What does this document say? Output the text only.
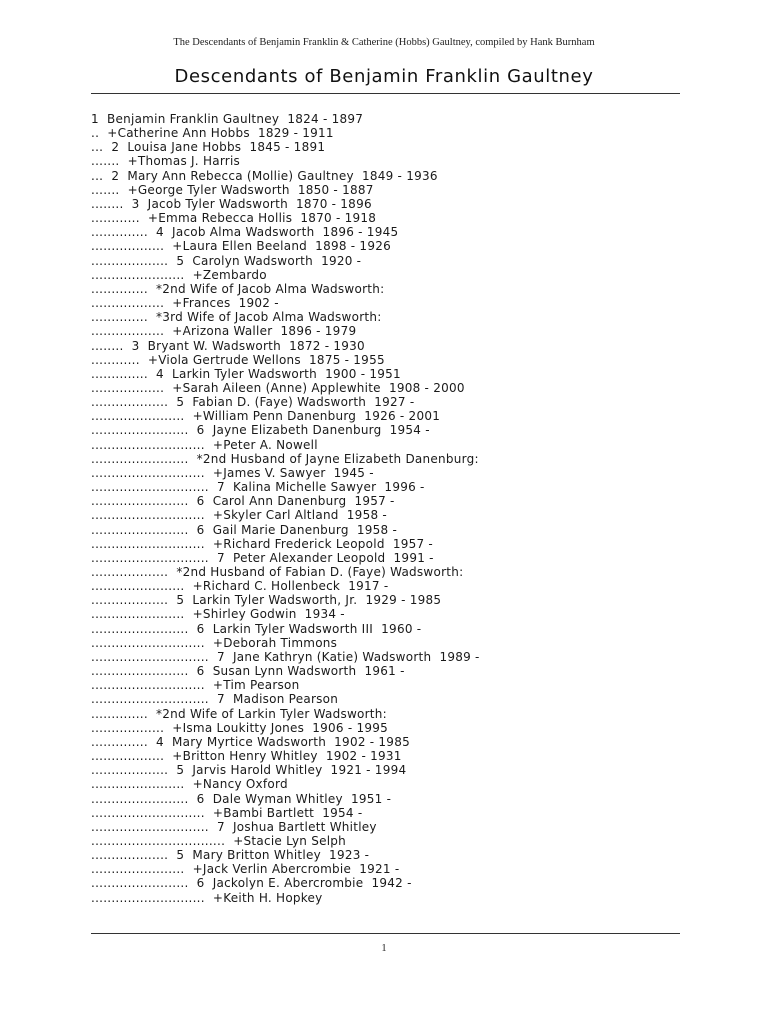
The Descendants of Benjamin Franklin & Catherine (Hobbs) Gaultney, compiled by Hank Burnham
Descendants of Benjamin Franklin Gaultney
1  Benjamin Franklin Gaultney  1824 - 1897
..  +Catherine Ann Hobbs  1829 - 1911
...  2  Louisa Jane Hobbs  1845 - 1891
.......  +Thomas J. Harris
...  2  Mary Ann Rebecca (Mollie) Gaultney  1849 - 1936
.......  +George Tyler Wadsworth  1850 - 1887
........  3  Jacob Tyler Wadsworth  1870 - 1896
............  +Emma Rebecca Hollis  1870 - 1918
..............  4  Jacob Alma Wadsworth  1896 - 1945
..................  +Laura Ellen Beeland  1898 - 1926
...................  5  Carolyn Wadsworth  1920 -
.......................  +Zembardo
..............  *2nd Wife of Jacob Alma Wadsworth:
..................  +Frances  1902 -
..............  *3rd Wife of Jacob Alma Wadsworth:
..................  +Arizona Waller  1896 - 1979
........  3  Bryant W. Wadsworth  1872 - 1930
............  +Viola Gertrude Wellons  1875 - 1955
..............  4  Larkin Tyler Wadsworth  1900 - 1951
..................  +Sarah Aileen (Anne) Applewhite  1908 - 2000
...................  5  Fabian D. (Faye) Wadsworth  1927 -
.......................  +William Penn Danenburg  1926 - 2001
........................  6  Jayne Elizabeth Danenburg  1954 -
............................  +Peter A. Nowell
........................  *2nd Husband of Jayne Elizabeth Danenburg:
............................  +James V. Sawyer  1945 -
.............................  7  Kalina Michelle Sawyer  1996 -
........................  6  Carol Ann Danenburg  1957 -
............................  +Skyler Carl Altland  1958 -
........................  6  Gail Marie Danenburg  1958 -
............................  +Richard Frederick Leopold  1957 -
.............................  7  Peter Alexander Leopold  1991 -
...................  *2nd Husband of Fabian D. (Faye) Wadsworth:
.......................  +Richard C. Hollenbeck  1917 -
...................  5  Larkin Tyler Wadsworth, Jr.  1929 - 1985
.......................  +Shirley Godwin  1934 -
........................  6  Larkin Tyler Wadsworth III  1960 -
............................  +Deborah Timmons
.............................  7  Jane Kathryn (Katie) Wadsworth  1989 -
........................  6  Susan Lynn Wadsworth  1961 -
............................  +Tim Pearson
.............................  7  Madison Pearson
..............  *2nd Wife of Larkin Tyler Wadsworth:
..................  +Isma Loukitty Jones  1906 - 1995
..............  4  Mary Myrtice Wadsworth  1902 - 1985
..................  +Britton Henry Whitley  1902 - 1931
...................  5  Jarvis Harold Whitley  1921 - 1994
.......................  +Nancy Oxford
........................  6  Dale Wyman Whitley  1951 -
............................  +Bambi Bartlett  1954 -
.............................  7  Joshua Bartlett Whitley
.................................  +Stacie Lyn Selph
...................  5  Mary Britton Whitley  1923 -
.......................  +Jack Verlin Abercrombie  1921 -
........................  6  Jackolyn E. Abercrombie  1942 -
............................  +Keith H. Hopkey
1
